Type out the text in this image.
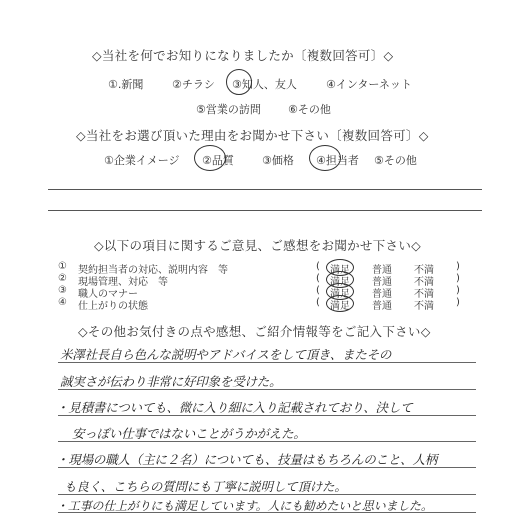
◇当社を何でお知りになりましたか〔複数回答可〕◇
①.新聞	②チラシ ③知人、友人	④インターネット
⑤営業の訪問 ⑥その他
◇当社をお選び頂いた理由をお聞かせ下さい〔複数回答可〕◇
①企業イメージ ②品質	③価格 ④担当者 ⑤その他
◇以下の項目に関するご意見、ご感想をお聞かせ下さい◇
① 契約担当者の対応、説明内容　等	( 満足 普通 不満 )
② 現場管理、対応　等	( 満足 普通 不満 )
③ 職人のマナー	( 満足 普通 不満 )
④ 仕上がりの状態	( 満足 普通 不満 )
◇その他お気付きの点や感想、ご紹介情報等をご記入下さい◇
米澤社長自ら色んな説明やアドバイスをして頂き、またその
誠実さが伝わり非常に好印象を受けた。
・見積書についても、微に入り細に入り記載されており、決して
安っぽい仕事ではないことがうかがえた。
・現場の職人（主に２名）についても、技量はもちろんのこと、人柄
も良く、こちらの質問にも丁寧に説明して頂けた。
・工事の仕上がりにも満足しています。人にも勧めたいと思いました。
